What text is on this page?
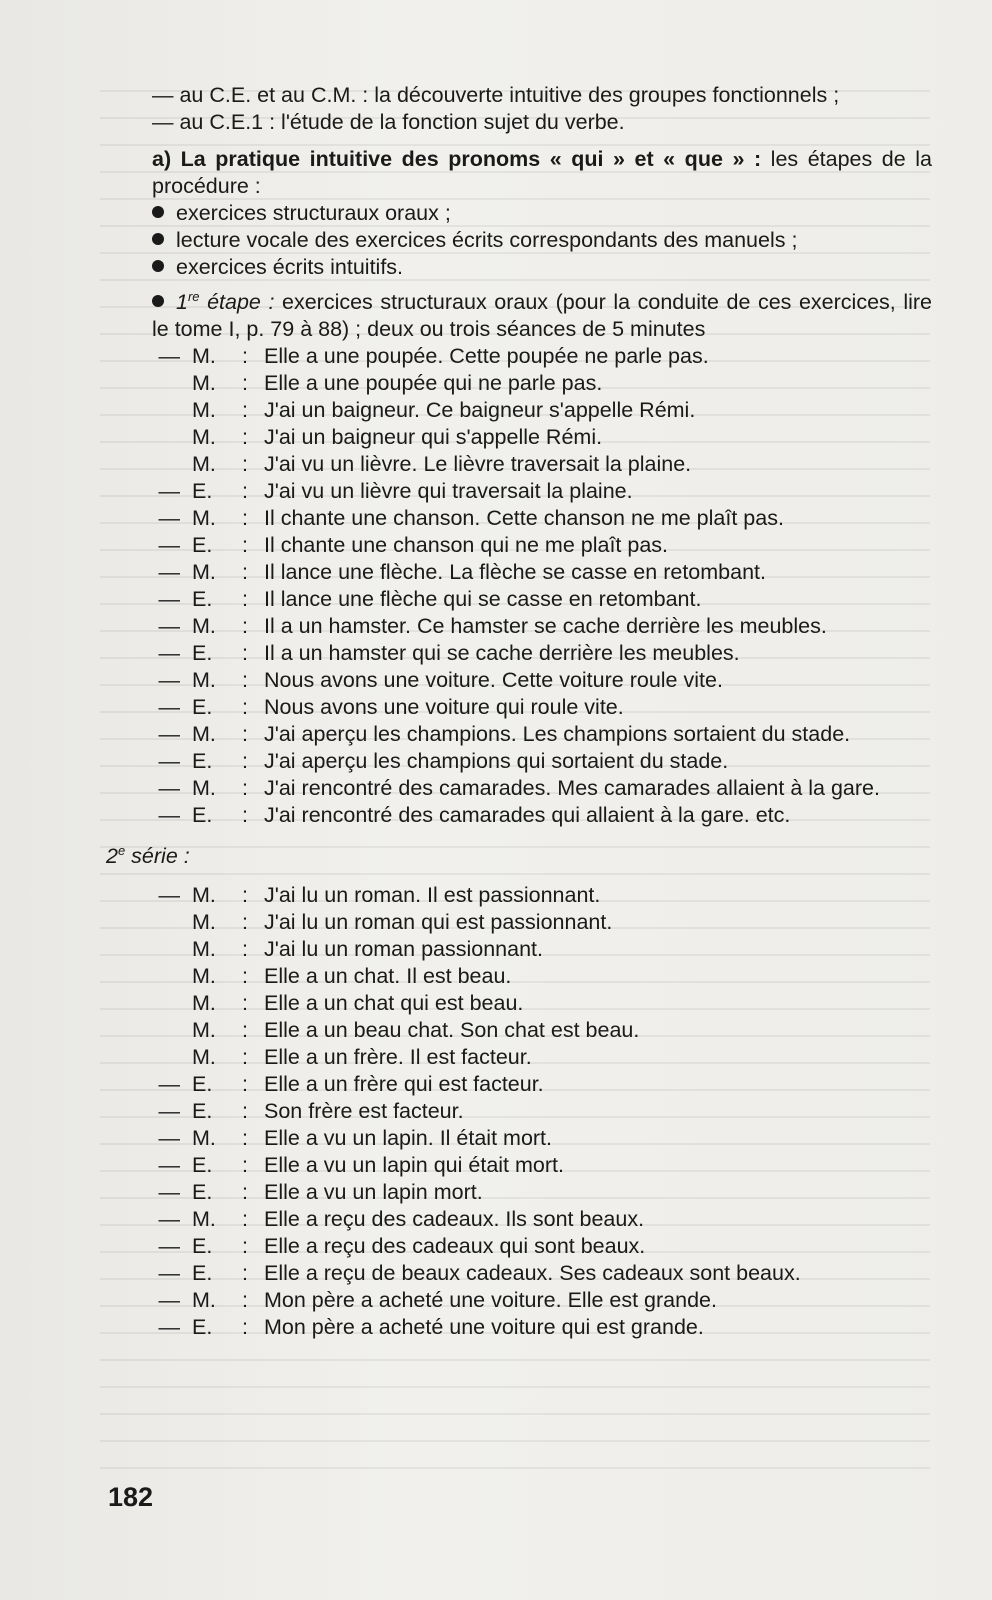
— au C.E. et au C.M. : la découverte intuitive des groupes fonctionnels ;

— au C.E.1 : l'étude de la fonction sujet du verbe.

a) La pratique intuitive des pronoms « qui » et « que » : les étapes de la procédure :

exercices structuraux oraux ;
lecture vocale des exercices écrits correspondants des manuels ;
exercices écrits intuitifs.

1re étape : exercices structuraux oraux (pour la conduite de ces exercices, lire le tome I, p. 79 à 88) ; deux ou trois séances de 5 minutes

— M.	: Elle a une poupée. Cette poupée ne parle pas.
M.	: Elle a une poupée qui ne parle pas.
M.	: J'ai un baigneur. Ce baigneur s'appelle Rémi.
M.	: J'ai un baigneur qui s'appelle Rémi.
M.	: J'ai vu un lièvre. Le lièvre traversait la plaine.
— E.	: J'ai vu un lièvre qui traversait la plaine.
— M.	: Il chante une chanson. Cette chanson ne me plaît pas.
— E.	: Il chante une chanson qui ne me plaît pas.
— M.	: Il lance une flèche. La flèche se casse en retombant.
— E.	: Il lance une flèche qui se casse en retombant.
— M.	: Il a un hamster. Ce hamster se cache derrière les meubles.
— E.	: Il a un hamster qui se cache derrière les meubles.
— M.	: Nous avons une voiture. Cette voiture roule vite.
— E.	: Nous avons une voiture qui roule vite.
— M.	: J'ai aperçu les champions. Les champions sortaient du stade.
— E.	: J'ai aperçu les champions qui sortaient du stade.
— M.	: J'ai rencontré des camarades. Mes camarades allaient à la gare.
— E.	: J'ai rencontré des camarades qui allaient à la gare. etc.

2e série :

— M.	: J'ai lu un roman. Il est passionnant.
M.	: J'ai lu un roman qui est passionnant.
M.	: J'ai lu un roman passionnant.
M.	: Elle a un chat. Il est beau.
M.	: Elle a un chat qui est beau.
M.	: Elle a un beau chat. Son chat est beau.
M.	: Elle a un frère. Il est facteur.
— E.	: Elle a un frère qui est facteur.
— E.	: Son frère est facteur.
— M.	: Elle a vu un lapin. Il était mort.
— E.	: Elle a vu un lapin qui était mort.
— E.	: Elle a vu un lapin mort.
— M.	: Elle a reçu des cadeaux. Ils sont beaux.
— E.	: Elle a reçu des cadeaux qui sont beaux.
— E.	: Elle a reçu de beaux cadeaux. Ses cadeaux sont beaux.
— M.	: Mon père a acheté une voiture. Elle est grande.
— E.	: Mon père a acheté une voiture qui est grande.
182
